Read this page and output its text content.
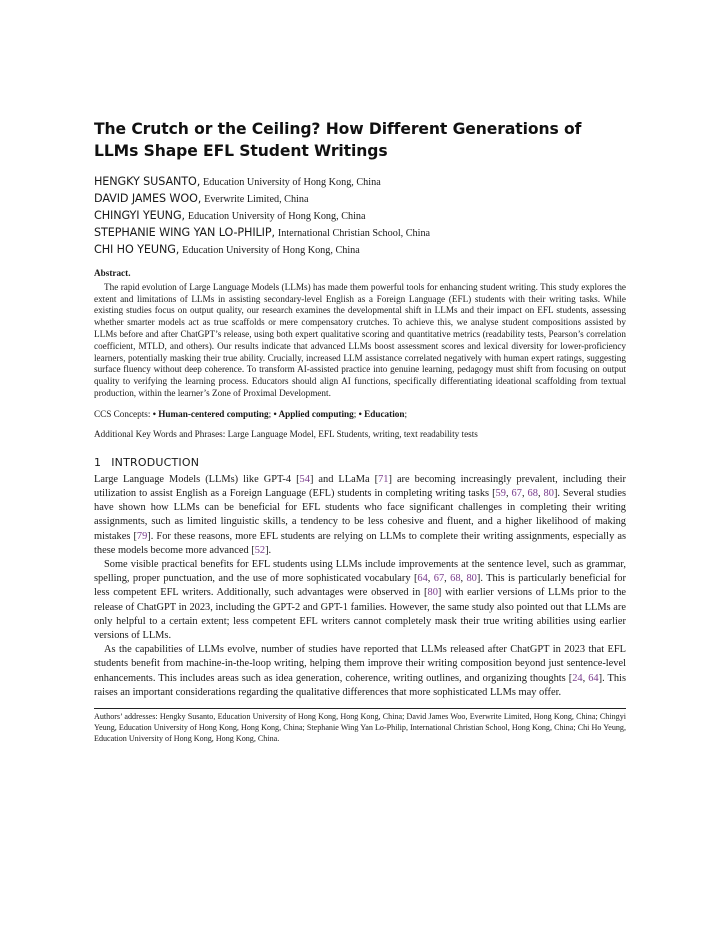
The Crutch or the Ceiling? How Different Generations of LLMs Shape EFL Student Writings

HENGKY SUSANTO, Education University of Hong Kong, China

DAVID JAMES WOO, Everwrite Limited, China

CHINGYI YEUNG, Education University of Hong Kong, China

STEPHANIE WING YAN LO-PHILIP, International Christian School, China

CHI HO YEUNG, Education University of Hong Kong, China

Abstract.
The rapid evolution of Large Language Models (LLMs) has made them powerful tools for enhancing student writing. This study explores the extent and limitations of LLMs in assisting secondary-level English as a Foreign Language (EFL) students with their writing tasks. While existing studies focus on output quality, our research examines the developmental shift in LLMs and their impact on EFL students, assessing whether smarter models act as true scaffolds or mere compensatory crutches. To achieve this, we analyse student compositions assisted by LLMs before and after ChatGPT’s release, using both expert qualitative scoring and quantitative metrics (readability tests, Pearson’s correlation coefficient, MTLD, and others). Our results indicate that advanced LLMs boost assessment scores and lexical diversity for lower-proficiency learners, potentially masking their true ability. Crucially, increased LLM assistance correlated negatively with human expert ratings, suggesting surface fluency without deep coherence. To transform AI-assisted practice into genuine learning, pedagogy must shift from focusing on output quality to verifying the learning process. Educators should align AI functions, specifically differentiating ideational scaffolding from textual production, within the learner’s Zone of Proximal Development.

CCS Concepts: • Human-centered computing; • Applied computing; • Education;

Additional Key Words and Phrases: Large Language Model, EFL Students, writing, text readability tests

1 INTRODUCTION

Large Language Models (LLMs) like GPT-4 [54] and LLaMa [71] are becoming increasingly prevalent, including their utilization to assist English as a Foreign Language (EFL) students in completing writing tasks [59, 67, 68, 80]. Several studies have shown how LLMs can be beneficial for EFL students who face significant challenges in completing their writing assignments, such as limited linguistic skills, a tendency to be less cohesive and fluent, and a higher likelihood of making mistakes [79]. For these reasons, more EFL students are relying on LLMs to complete their writing assignments, especially as these models become more advanced [52].

Some visible practical benefits for EFL students using LLMs include improvements at the sentence level, such as grammar, spelling, proper punctuation, and the use of more sophisticated vocabulary [64, 67, 68, 80]. This is particularly beneficial for less competent EFL writers. Additionally, such advantages were observed in [80] with earlier versions of LLMs prior to the release of ChatGPT in 2023, including the GPT-2 and GPT-1 families. However, the same study also pointed out that LLMs are only helpful to a certain extent; less competent EFL writers cannot completely mask their true writing abilities using earlier versions of LLMs.

As the capabilities of LLMs evolve, number of studies have reported that LLMs released after ChatGPT in 2023 that EFL students benefit from machine-in-the-loop writing, helping them improve their writing composition beyond just sentence-level enhancements. This includes areas such as idea generation, coherence, writing outlines, and organizing thoughts [24, 64]. This raises an important considerations regarding the qualitative differences that more sophisticated LLMs may offer.

Authors’ addresses: Hengky Susanto, Education University of Hong Kong, Hong Kong, China; David James Woo, Everwrite Limited, Hong Kong, China; Chingyi Yeung, Education University of Hong Kong, Hong Kong, China; Stephanie Wing Yan Lo-Philip, International Christian School, Hong Kong, China; Chi Ho Yeung, Education University of Hong Kong, Hong Kong, China.
